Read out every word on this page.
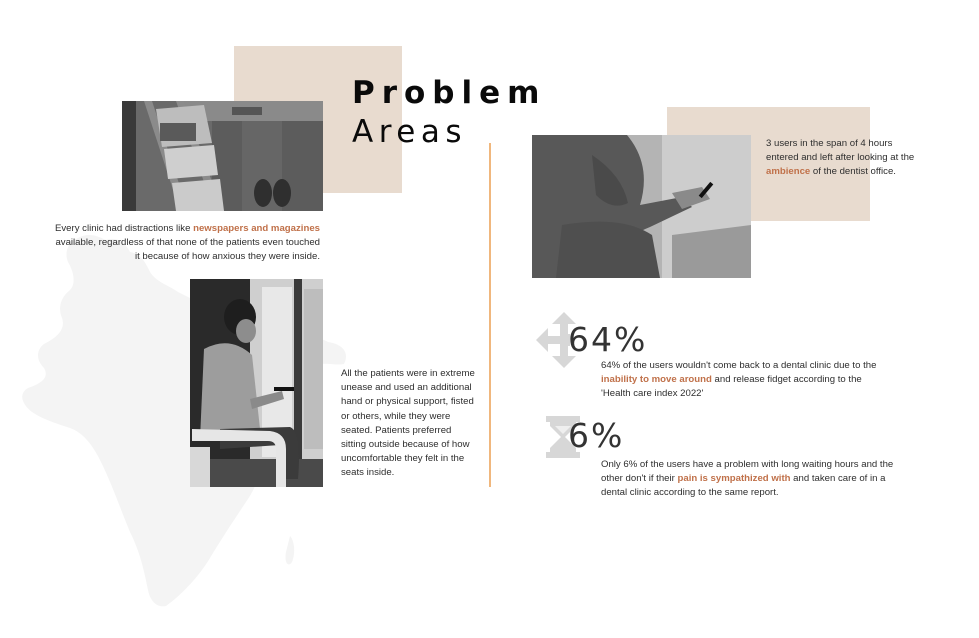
Problem
Areas
Every clinic had distractions like newspapers and magazines available, regardless of that none of the patients even touched it because of how anxious they were inside.
All the patients were in extreme unease and used an additional hand or physical support, fisted or others, while they were seated. Patients preferred sitting outside because of how uncomfortable they felt in the seats inside.
3 users in the span of 4 hours entered and left after looking at the ambience of the dentist office.
64%
64% of the users wouldn't come back to a dental clinic due to the inability to move around and release fidget according to the 'Health care index 2022'
6%
Only 6% of the users have a problem with long waiting hours and the other don't if their pain is sympathized with and taken care of in a dental clinic according to the same report.
